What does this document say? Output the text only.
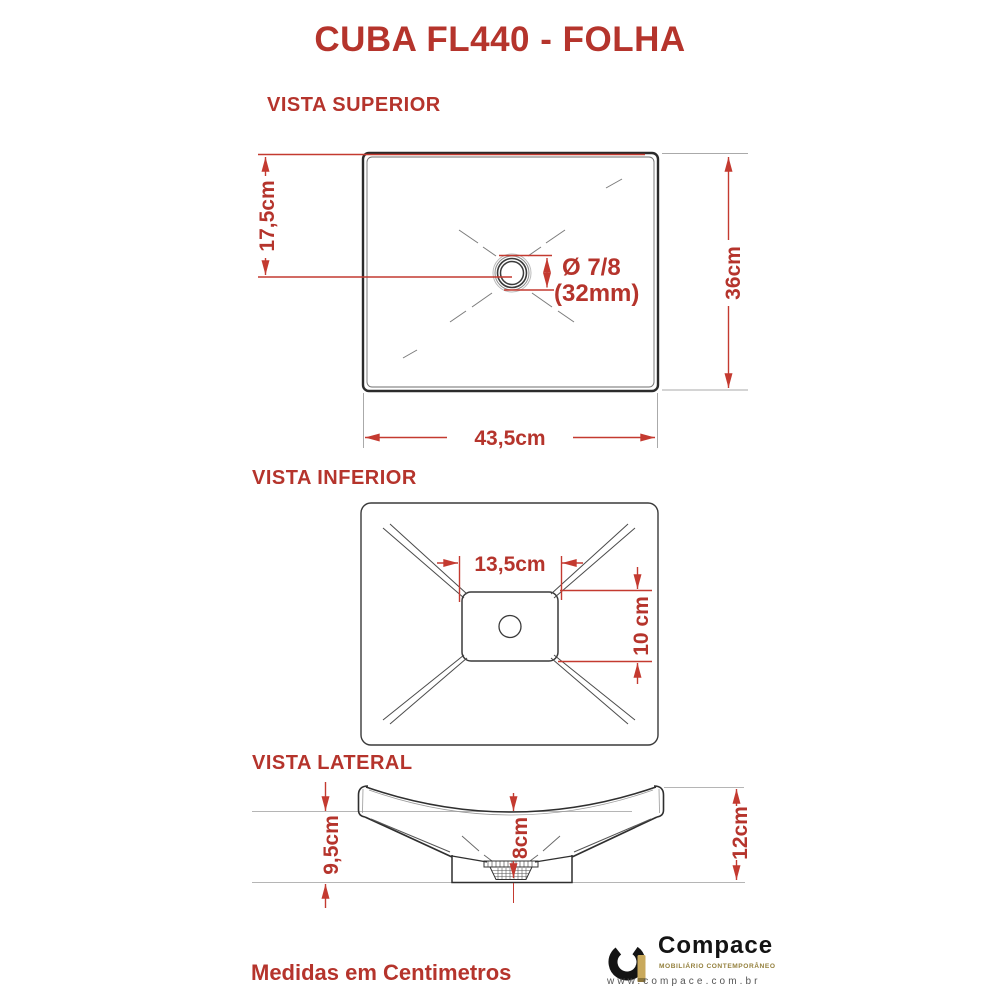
17,5cm
36cm
43,5cm
Ø 7/8
(32mm)
13,5cm
10 cm
9,5cm	8cm	12cm
CUBA FL440 - FOLHA
VISTA SUPERIOR
VISTA INFERIOR
VISTA LATERAL
Medidas em Centimetros
Compace
MOBILIÁRIO CONTEMPORÂNEO
www.compace.com.br
